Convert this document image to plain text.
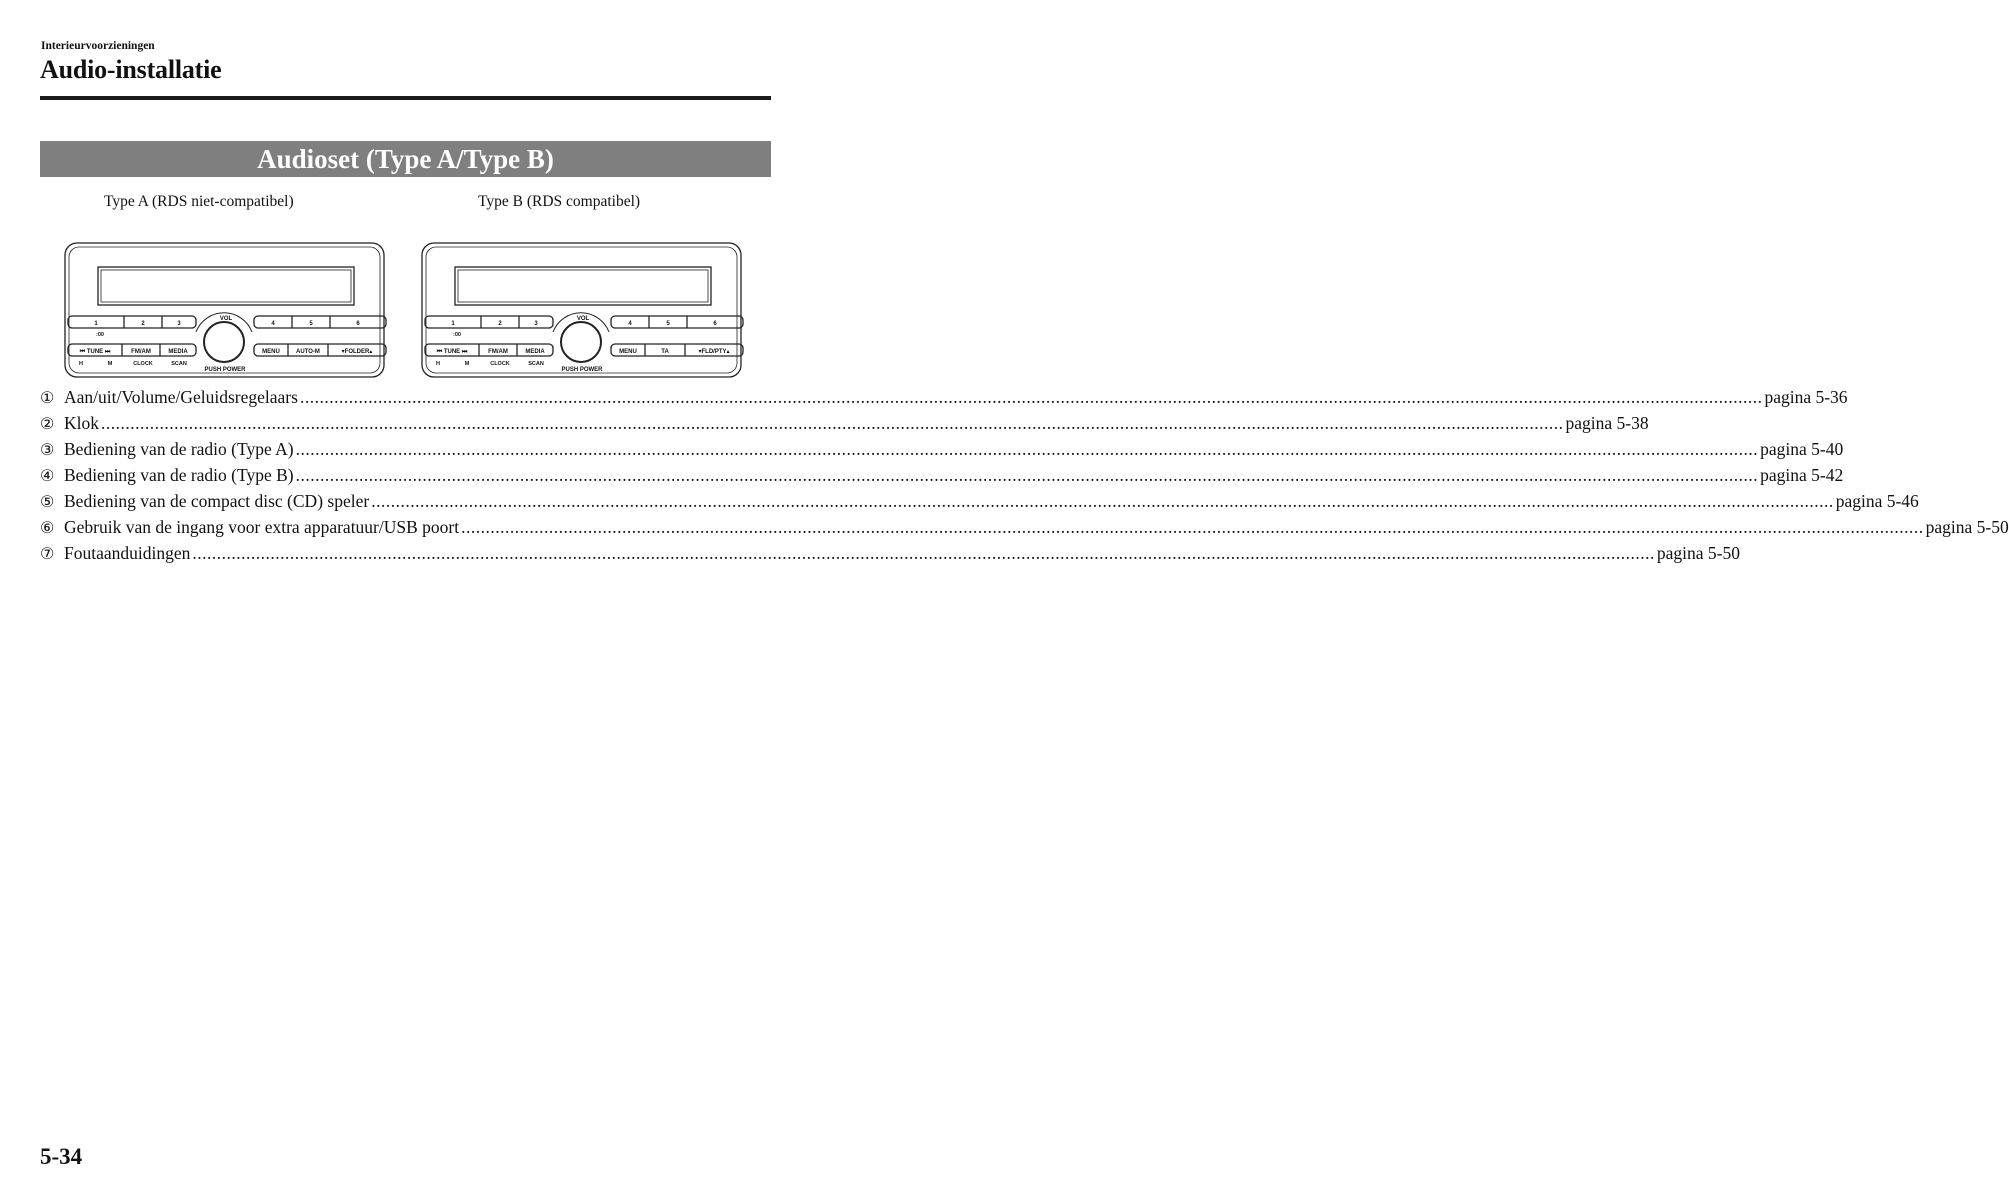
Interieurvoorzieningen
Audio-installatie
Audioset (Type A/Type B)
Type A (RDS niet-compatibel)	Type B (RDS compatibel)
VOL
PUSH POWER
1	2	3	4	5	6
:00
⏮ TUNE ⏭	FM/AM	MEDIA	MENU	AUTO-M	▾FOLDER▴
H	M	CLOCK	SCAN
VOL
PUSH POWER
1	2	3	4	5	6
:00
⏮ TUNE ⏭	FM/AM	MEDIA	MENU	TA	▾FLD/PTY▴
H	M	CLOCK	SCAN
① Aan/uit/Volume/Geluidsregelaars ............................................................................................................................................................................................................................................................................................................ pagina 5-36
② Klok ............................................................................................................................................................................................................................................................................................................ pagina 5-38
③ Bediening van de radio (Type A) ............................................................................................................................................................................................................................................................................................................ pagina 5-40
④ Bediening van de radio (Type B) ............................................................................................................................................................................................................................................................................................................ pagina 5-42
⑤ Bediening van de compact disc (CD) speler ............................................................................................................................................................................................................................................................................................................ pagina 5-46
⑥ Gebruik van de ingang voor extra apparatuur/USB poort ............................................................................................................................................................................................................................................................................................................ pagina 5-50
⑦ Foutaanduidingen ............................................................................................................................................................................................................................................................................................................ pagina 5-50
5-34
